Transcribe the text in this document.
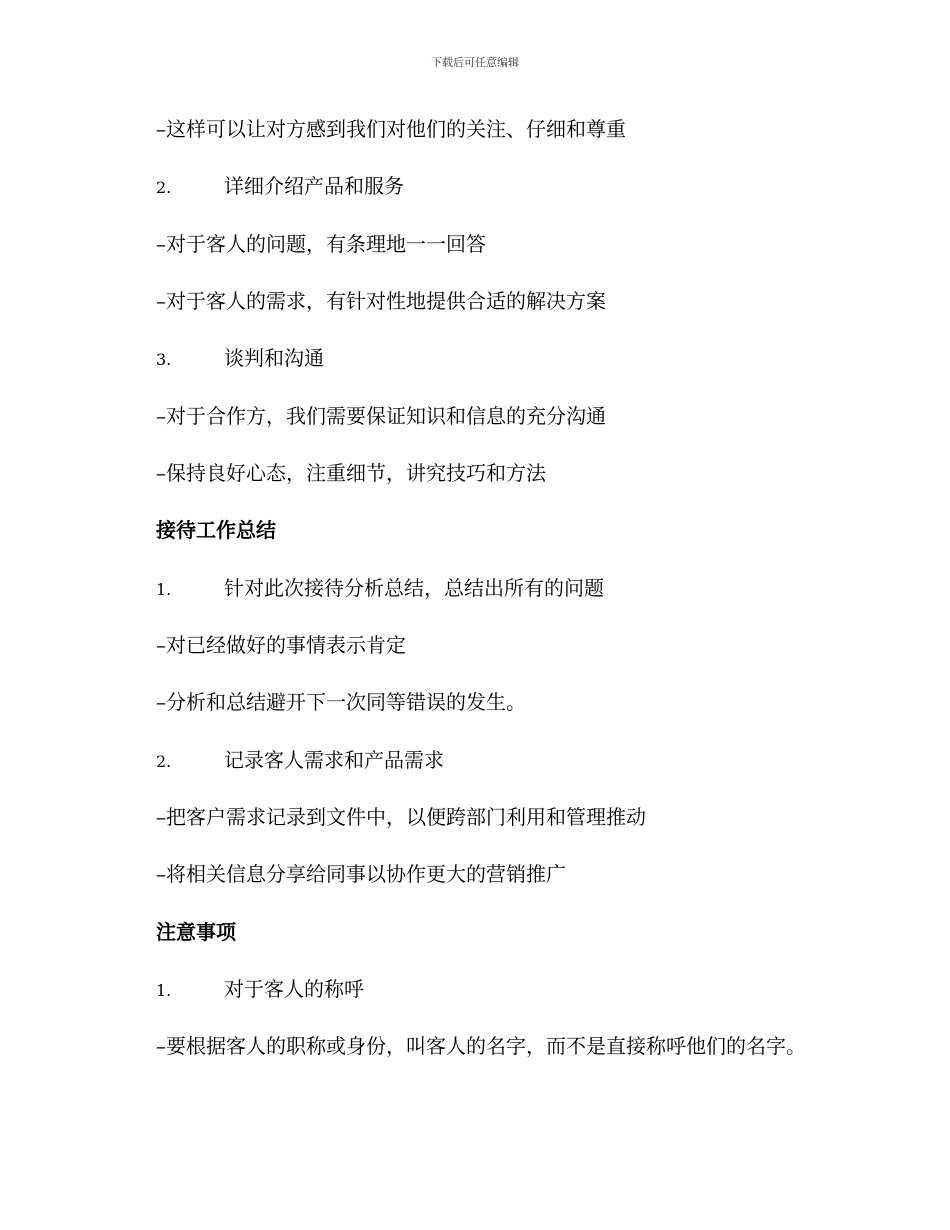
下载后可任意编辑
–这样可以让对方感到我们对他们的关注、仔细和尊重
2.	详细介绍产品和服务
–对于客人的问题，有条理地一一回答
–对于客人的需求，有针对性地提供合适的解决方案
3.	谈判和沟通
–对于合作方，我们需要保证知识和信息的充分沟通
–保持良好心态，注重细节，讲究技巧和方法
接待工作总结
1.	针对此次接待分析总结，总结出所有的问题
–对已经做好的事情表示肯定
–分析和总结避开下一次同等错误的发生。
2.	记录客人需求和产品需求
–把客户需求记录到文件中，以便跨部门利用和管理推动
–将相关信息分享给同事以协作更大的营销推广
注意事项
1.	对于客人的称呼
–要根据客人的职称或身份，叫客人的名字，而不是直接称呼他们的名字。
